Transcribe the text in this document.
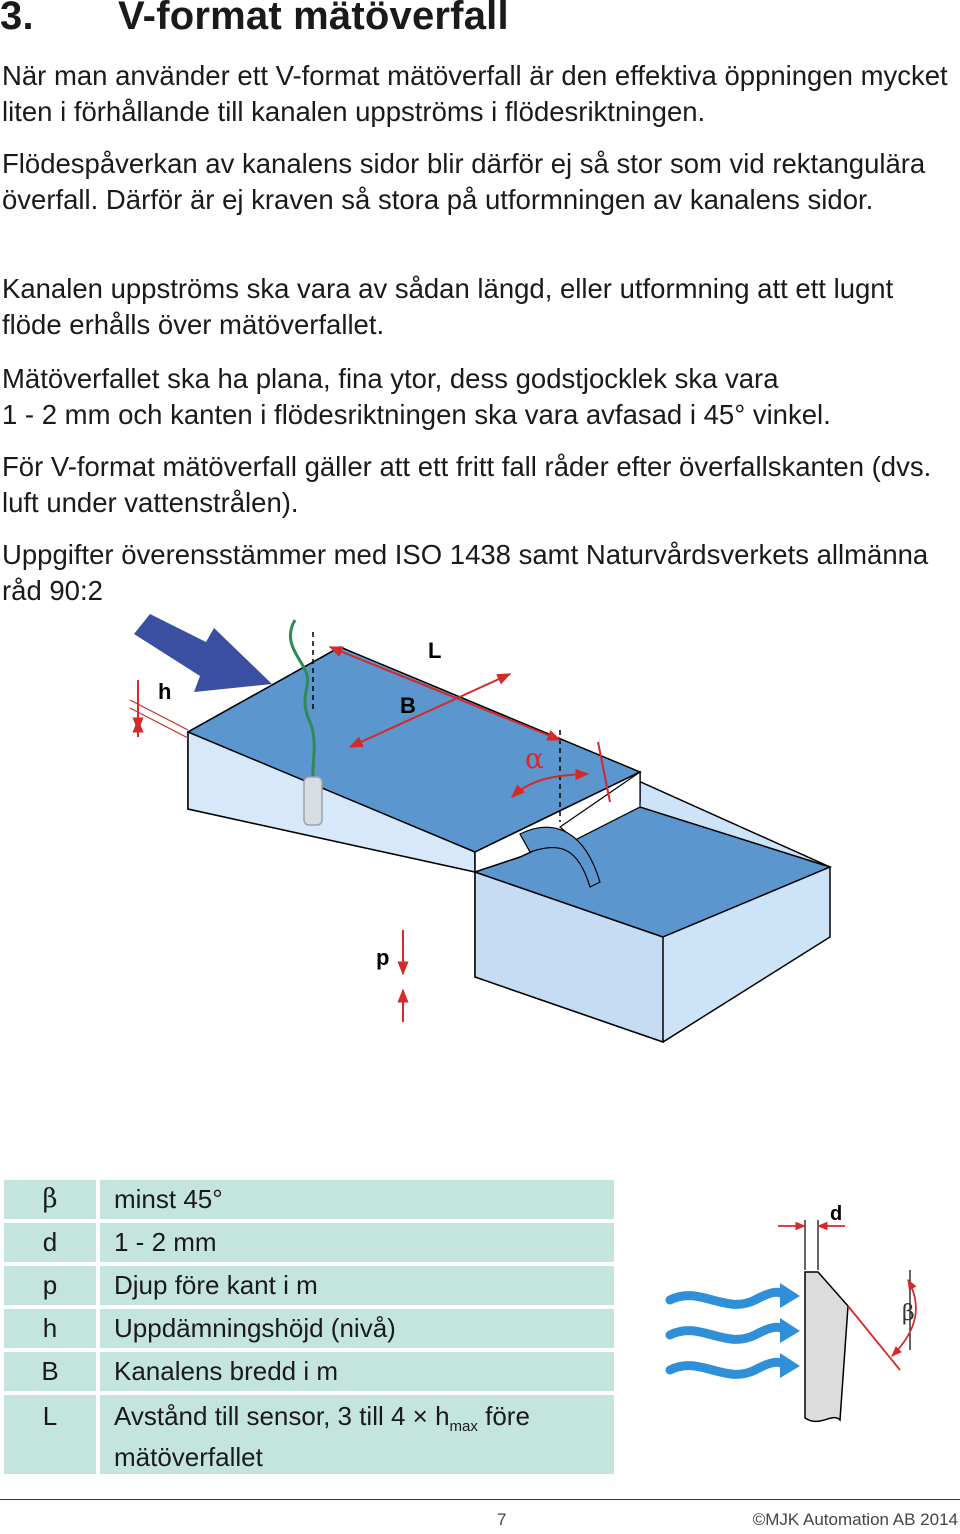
3. V-format mätöverfall

När man använder ett V-format mätöverfall är den effektiva öppningen mycket liten i förhållande till kanalen uppströms i flödesriktningen.

Flödespåverkan av kanalens sidor blir därför ej så stor som vid rektangulära överfall. Därför är ej kraven så stora på utformningen av kanalens sidor.

Kanalen uppströms ska vara av sådan längd, eller utformning att ett lugnt flöde erhålls över mätöverfallet.

Mätöverfallet ska ha plana, fina ytor, dess godstjocklek ska vara
1 - 2 mm och kanten i flödesriktningen ska vara avfasad i 45° vinkel.

För V-format mätöverfall gäller att ett fritt fall råder efter överfallskanten (dvs. luft under vattenstrålen).

Uppgifter överensstämmer med ISO 1438 samt Naturvårdsverkets allmänna råd 90:2

h
B
L
α
p
β	minst 45°
d	1 - 2 mm
p	Djup före kant i m
h	Uppdämningshöjd (nivå)
B	Kanalens bredd i m
L	Avstånd till sensor, 3 till $4 \times h_{max}$ före mätöverfallet
d
β
7	©MJK Automation AB 2014
